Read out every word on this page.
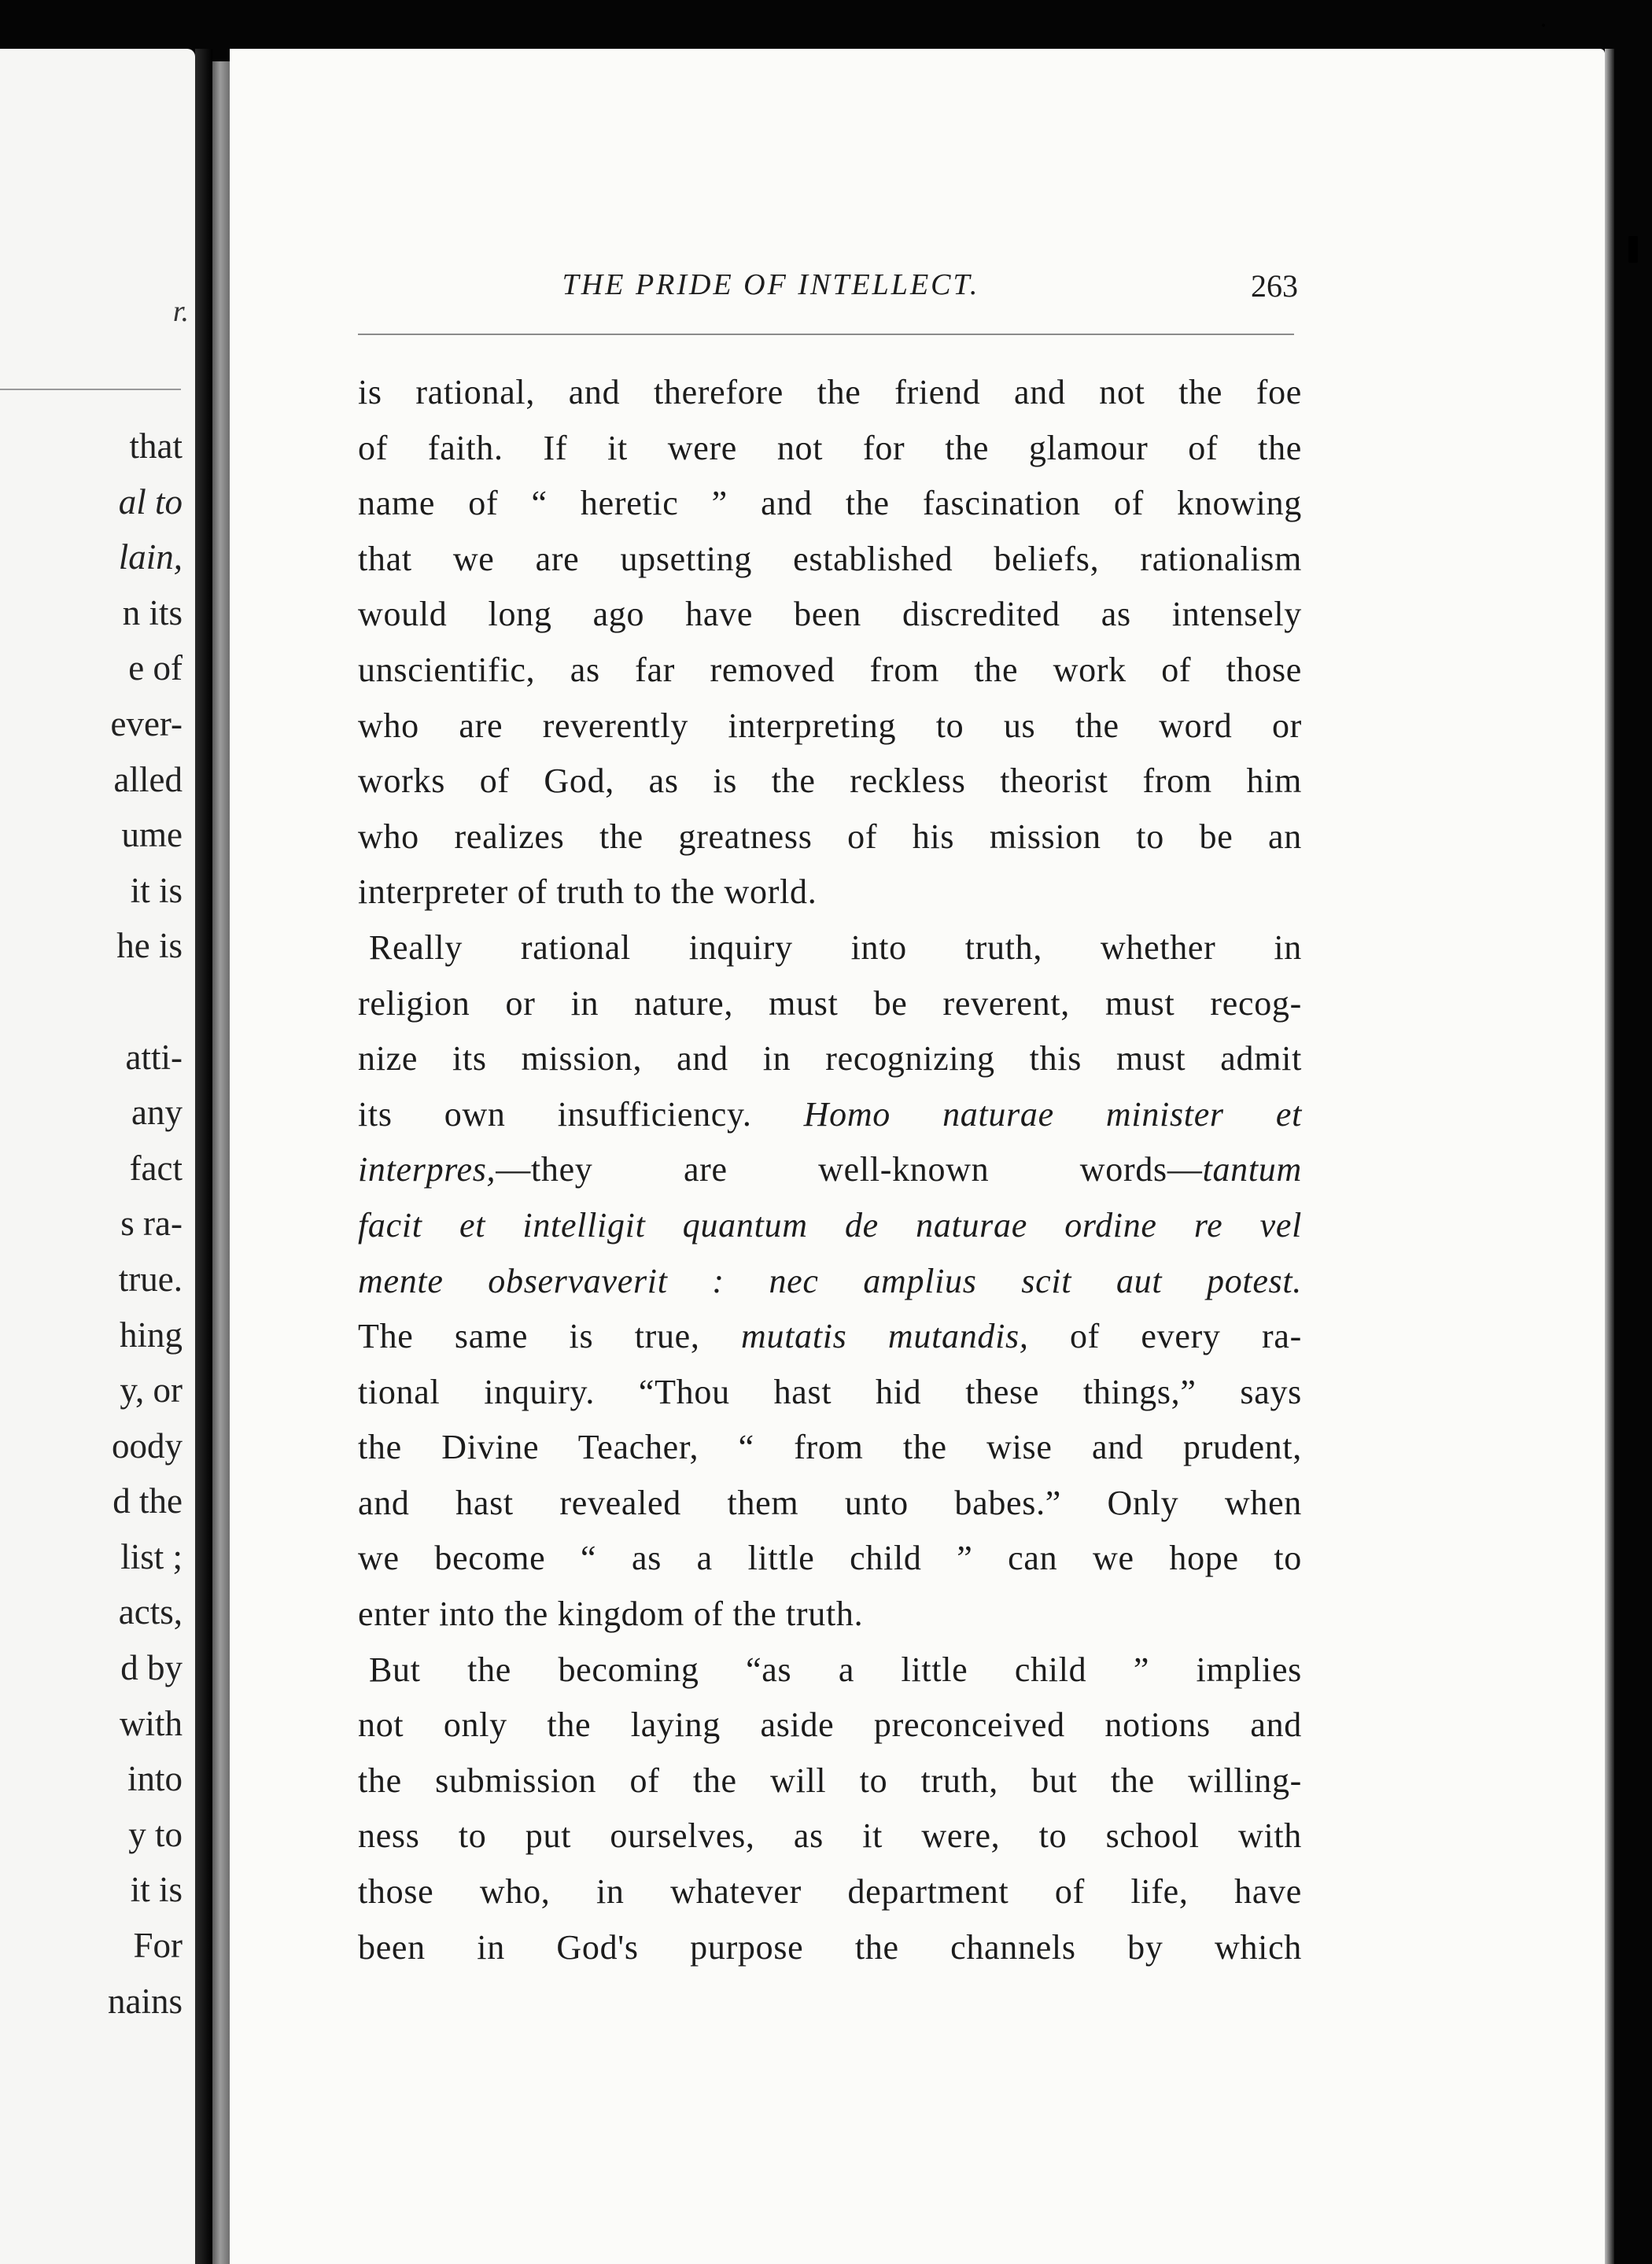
r.
that
al to
lain,
n its
e of
ever-
alled
ume
it is
he is
atti-
any
fact
s ra-
true.
hing
y, or
oody
d the
list ;
acts,
d by
with
into
y to
it is
For
nains
THE PRIDE OF INTELLECT.	263
is rational, and therefore the friend and not the foe
of faith. If it were not for the glamour of the
name of “ heretic ” and the fascination of knowing
that we are upsetting established beliefs, rationalism
would long ago have been discredited as intensely
unscientific, as far removed from the work of those
who are reverently interpreting to us the word or
works of God, as is the reckless theorist from him
who realizes the greatness of his mission to be an
interpreter of truth to the world.
Really rational inquiry into truth, whether in
religion or in nature, must be reverent, must recog-
nize its mission, and in recognizing this must admit
its own insufficiency. Homo naturae minister et
interpres,—they are well-known words—tantum
facit et intelligit quantum de naturae ordine re vel
mente observaverit : nec amplius scit aut potest.
The same is true, mutatis mutandis, of every ra-
tional inquiry. “Thou hast hid these things,” says
the Divine Teacher, “ from the wise and prudent,
and hast revealed them unto babes.” Only when
we become “ as a little child ” can we hope to
enter into the kingdom of the truth.
But the becoming “as a little child ” implies
not only the laying aside preconceived notions and
the submission of the will to truth, but the willing-
ness to put ourselves, as it were, to school with
those who, in whatever department of life, have
been in God's purpose the channels by which
